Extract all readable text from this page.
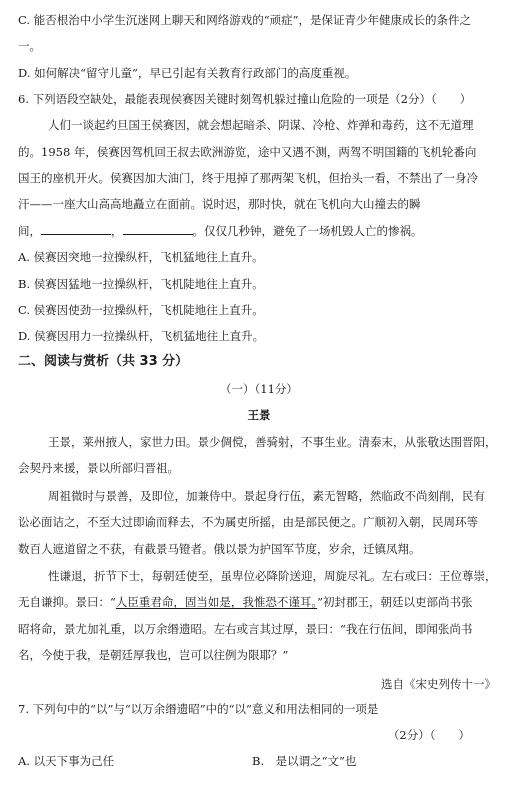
C. 能否根治中小学生沉迷网上聊天和网络游戏的“顽症”，是保证青少年健康成长的条件之
一。
D. 如何解决“留守儿童”，早已引起有关教育行政部门的高度重视。
6. 下列语段空缺处，最能表现侯赛因关键时刻驾机躲过撞山危险的一项是（2分）（　　）
人们一谈起约旦国王侯赛因，就会想起暗杀、阴谋、冷枪、炸弹和毒药，这不无道理
的。1958 年，侯赛因驾机回王叔去欧洲游览，途中又遇不测，两驾不明国籍的飞机轮番向
国王的座机开火。侯赛因加大油门，终于甩掉了那两架飞机，但抬头一看，不禁出了一身冷
汗——一座大山高高地矗立在面前。说时迟，那时快，就在飞机向大山撞去的瞬
间，	，	。仅仅几秒钟，避免了一场机毁人亡的惨祸。
A. 侯赛因突地一拉操纵杆，飞机猛地往上直升。
B. 侯赛因猛地一拉操纵杆，飞机陡地往上直升。
C. 侯赛因使劲一拉操纵杆，飞机陡地往上直升。
D. 侯赛因用力一拉操纵杆，飞机猛地往上直升。
二、阅读与赏析（共 33 分）
（一）（11分）
王景
王景，莱州掖人，家世力田。景少倜傥，善骑射，不事生业。清泰末，从张敬达围晋阳，
会契丹来援，景以所部归晋祖。
周祖微时与景善，及即位，加兼侍中。景起身行伍，素无智略，然临政不尚刻削，民有
讼必面诘之，不至大过即谕而释去，不为属吏所摇，由是部民便之。广顺初入朝，民周环等
数百人遮道留之不获，有截景马镫者。俄以景为护国军节度，岁余，迁镇凤翔。
性谦退，折节下士，每朝廷使至，虽卑位必降阶送迎，周旋尽礼。左右或曰：王位尊崇，
无自谦抑。景曰：“人臣重君命，固当如是，我惟恐不谨耳。”初封郡王，朝廷以吏部尚书张
昭将命，景尤加礼重，以万余缗遗昭。左右或言其过厚，景曰：“我在行伍间，即闻张尚书
名，今使于我，是朝廷厚我也，岂可以往例为限耶？”
选自《宋史列传十一》
7. 下列句中的“以”与“以万余缗遗昭”中的“以”意义和用法相同的一项是
（2分）（　　）
A. 以天下事为己任	B.　是以谓之“文”也
